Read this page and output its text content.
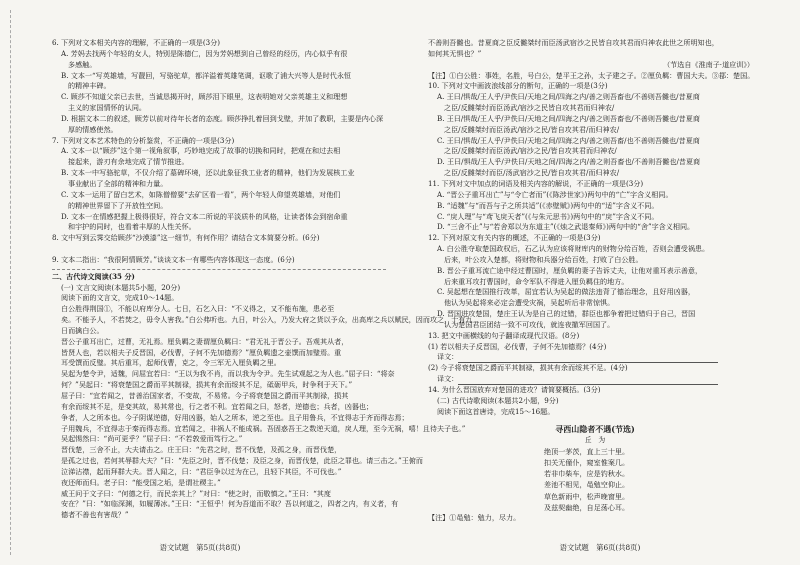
6. 下列对文本相关内容的理解，不正确的一项是(3分)
A. 芳妈去找两个年轻的女人，特别是陈德仁，因为芳妈想到自己曾经的经历，内心似乎有很
多感触。
B. 文本一“写英雄墙，写靓回，写骆驼草，都洋溢着英雄笔调，讴歌了浦大兴等人是时代永恒
的精神丰碑。
C. 顾莎不知道父亲已去世，当诚恳揭开时，顾莎泪下眼里，这表明她对父亲英雄主义和理想
主义的家国情怀的认同。
D. 根据文本二的叙述，顾芳以前对待年长者的态度。顾莎挣扎着回到戈壁，并加了教职，主要是内心深
厚的情感使然。
7. 下列对文本艺术特色的分析鉴赏，不正确的一项是(3分)
A. 文本一以“顾莎”这个第一视角叙事，巧妙地完成了故事的切换和同时，把观在和过去相
接起来，游刃有余地完成了情节推进。
B. 文本一中写骆驼草，不仅介绍了墓碑环境，还以此象征我工业者的精神，他们为发展核工业
事业献出了全部的精神和力量。
C. 文本一运用了留白艺术，如陈僧僧要“去矿区看一看”，两个年轻人仰望英雄墙，对他们
的精神世界留下了开放性空间。
D. 文本一在情感把握上极得很好，符合文本二所说的平淡质朴的风格，让读者体会到宿命重
和宇护的同时，也看着丰厚的人性关怀。
8. 文中写到云霁交给顾莎“沙漠漆”这一细节，有何作用？请结合文本简要分析。(6分)

9. 文本二指出：“我很阿情顾芳。”谈谈文本一有哪些内容体现这一态度。(6分)
二、古代诗文阅读(35 分)
(一) 文言文阅读(本题共5小题，20分)
阅读下面的文言文，完成10～14题。
白公胜得荆国①，不能以府库分人。七日，石乞入曰：“不义得之，又不能布施，患必至
矣。不能予人，不若焚之，毋令人害我。”白公弗听也。九日，叶公入，乃发大府之货以予众，出高库之兵以赋民，因而攻之，十有九
日而擒白公。
晋公子重耳出亡，过曹，无礼焉。厘负羁之妻谓厘负羁曰：“君无礼于晋公子。吾观其从者，
皆贤人也，若以相夫子反晋国，必伐曹，子何不先加德焉？”厘负羁遗之壶馔而加璧焉。重
耳受馔而反璧。其后重耳，起师伐曹，克之，令三军无入厘负羁之里。
吴起为楚令尹，适魏，问屈宜若曰：“王以为我不肖，而以我为令尹。先生试观起之为人也。”屈子曰：“将奈
何？”吴起曰：“将衰楚国之爵而平其制禄，损其有余而绥其不足，砥砺甲兵，时争利于天下。”
屈子曰：“宜若闻之，昔善治国家者，不变故，不易常。今子将衰楚国之爵而平其制禄，损其
有余而绥其不足，是变其故，易其常也，行之者不利。宜若闻之曰，怒者，逆德也；兵者，凶器也；
争者，人之所本也。今子阴谋逆德，好用凶器，始人之所本，逆之至也。且子用鲁兵，不宜得志于齐而得志焉；
子用魏兵，不宜得志于秦而得志焉。宜若闻之，非祸人不能成祸。吾固惑吾王之数逆天道，戾人理，至今无祸，嘻！且待夫子也。”
吴起惕然曰：“尚可更乎？”屈子曰：“不若敦爱而笃行之。”
晋伐楚，三舍不止，大夫请击之。庄王曰：“先君之时，晋不伐楚，及孤之身，而晋伐楚，
是孤之过也，若何其辱群大夫？”曰：“先臣之时，晋不伐楚；及臣之身，而晋伐楚，此臣之罪也。请三击之。”王俯而
泣涕沾襟，起而拜群大夫。晋人闻之，曰：“君臣争以过为在己，且轻下其臣，不可伐也。”
夜还师而归。老子曰：“能受国之垢，是谓社稷主。”
威王问于文子曰：“何德之行，而民亲其上？”对曰：“使之时，而敬慎之。”王曰：“其度
安在？”曰：“如临深渊，如履薄冰。”王曰：“王恒乎！何为吾道而不取？吾以何道之，四者之内，有义者，有
德者不善也有害哉？”
语文试题　第5页(共8页)
不善则吾雠也。昔夏商之臣反雠桀纣而臣汤武宿沙之民皆自攻其君而归神农此世之所明知也，
如何其无惧也？”
（节选自《淮南子·道应训》）
【注】①白公胜：事姓，名胜，号白公，楚平王之孙，太子建之子。②厘负羁：曹国大夫。③鄀：楚国。
10. 下列对文中画波浪线部分的断句，正确的一项是(3分)
A. 王曰/惧哉/王人乎/尹佚曰/天地之间/四海之内/善之则吾畜也/不善则吾雠也/昔夏商
之臣/反雠桀纣而臣汤武/宿沙之民皆自攻其君而归神农/
B. 王曰/惧哉/王人乎/尹佚曰/天地之间/四海之内/善之则吾畜也/不善则吾雠也/昔夏商
之臣/反雠桀纣而臣汤武/宿沙之民/皆自攻其君/而归神农/
C. 王曰/惧哉/王人乎/尹佚曰/天地之间/四海之内/善之则吾畜/也不善则吾雠也/昔夏商
之臣/反雠桀纣而臣汤武/宿沙之民/皆自攻其君而归神农/
D. 王曰/惧哉/王人乎/尹佚曰/天地之间/四海之内/善之则吾畜也/不善则吾雠也/昔夏商
之臣/反雠桀纣而臣/汤武宿沙之民/皆自攻其君/而归神农/
11. 下列对文中加点的词语及相关内容的解说，不正确的一项是(3分)
A. “晋公子重耳出亡”与“令亡者而”(《陈涉世家》)两句中的“亡”字含义相同。
B. “适魏”与“而吾与子之所共适”(《赤壁赋》)两句中的“适”字含义不同。
C. “戾人理”与“鸢飞戾天者”(《与朱元思书》)两句中的“戾”字含义不同。
D. “三舍不止”与“若舍郑以为东道主”(《烛之武退秦师》)两句中的“舍”字含义相同。
12. 下列对原文有关内容的概述，不正确的一项是(3分)
A. 白公胜夺取楚国政权后，石乙认为应该将财库内的财物分给百姓，否则会遭受祸患。
后来，叶公攻入楚都，将财物和兵器分给百姓，打败了白公胜。
B. 晋公子重耳流亡途中经过曹国时，厘负羁的妻子告诉丈夫，让他对重耳表示善意，
后来重耳攻打曹国时，命令军队不得进入厘负羁住的地方。
C. 吴起想在楚国推行改革，屈宜若认为吴起的做法违背了德治理念，且好用凶器，
他认为吴起将来必定会遭受灾祸，吴起听后非常惊惧。
D. 晋国进攻楚国，楚庄王认为是自己的过错，群臣也都争着把过错归于自己，晋国
认为楚国君臣团结一致不可攻伐，就连夜撤军回国了。
13. 把文中画横线的句子翻译成现代汉语。(8分)
(1) 若以相夫子反晋国，必伐曹，子何不先加德焉？(4分)
译文：
(2) 今子将衰楚国之爵而平其制禄，损其有余而绥其不足。(4分)
译文：
14. 为什么晋国放弃对楚国的进攻？请简要概括。(3分)
(二) 古代诗歌阅读(本题共2小题，9分)
阅读下面这首唐诗，完成15～16题。
寻西山隐者不遇(节选)
丘　为
绝顶一茅茨，直上三十里。
扣关无僮仆，窥室惟案几。
若非巾柴车，应是钓秋水。
差池不相见，黾勉空仰止。
草色新雨中，松声晚窗里。
及兹契幽绝，自足荡心耳。
【注】①黾勉：勉力，尽力。
语文试题　第6页(共8页)
